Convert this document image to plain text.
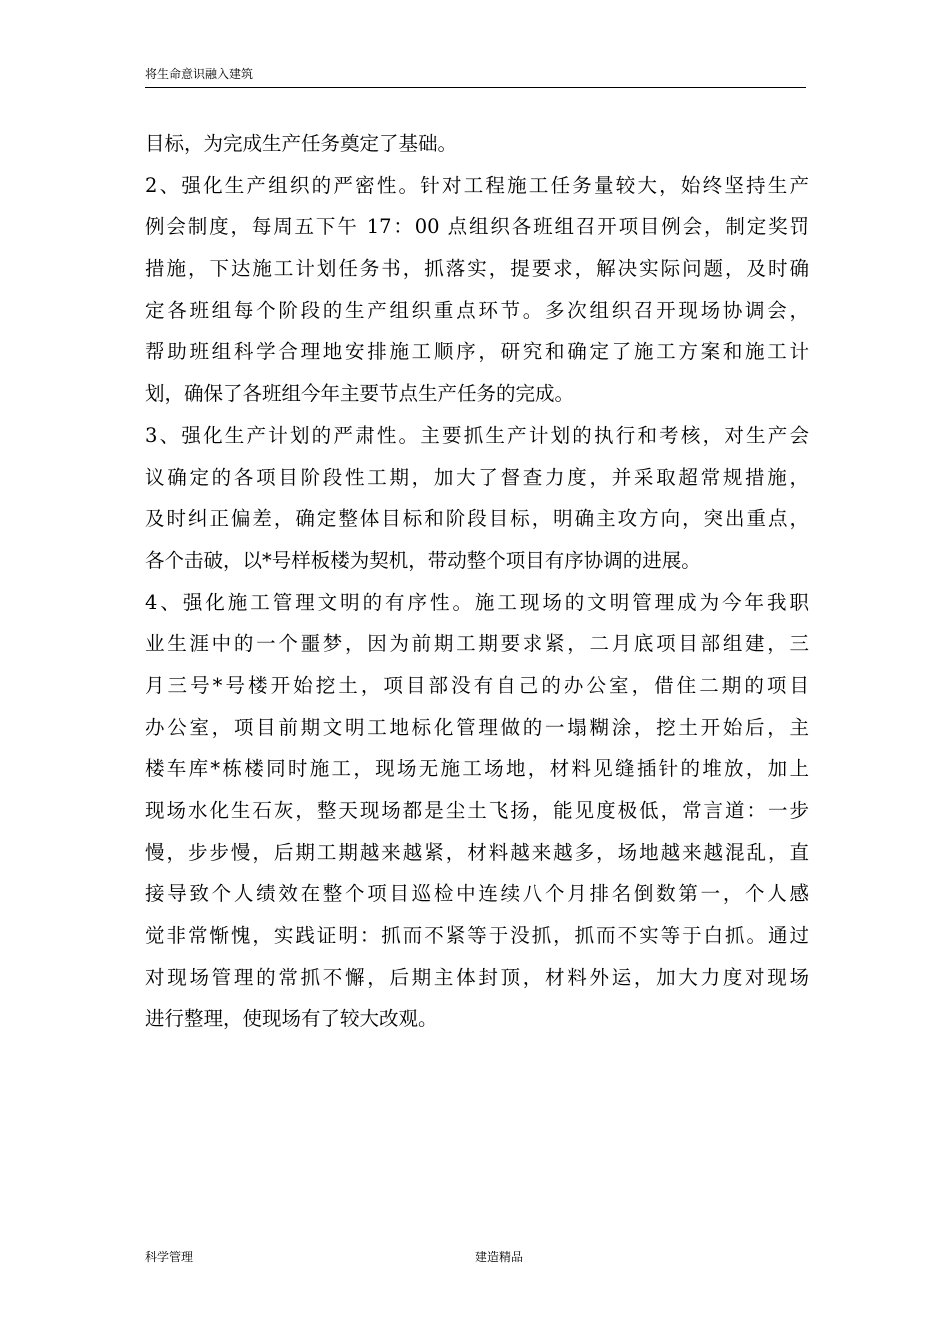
将生命意识融入建筑
目标，为完成生产任务奠定了基础。
2、强化生产组织的严密性。针对工程施工任务量较大，始终坚持生产
例会制度，每周五下午 17：00 点组织各班组召开项目例会，制定奖罚
措施，下达施工计划任务书，抓落实，提要求，解决实际问题，及时确
定各班组每个阶段的生产组织重点环节。多次组织召开现场协调会，
帮助班组科学合理地安排施工顺序，研究和确定了施工方案和施工计
划，确保了各班组今年主要节点生产任务的完成。
3、强化生产计划的严肃性。主要抓生产计划的执行和考核，对生产会
议确定的各项目阶段性工期，加大了督查力度，并采取超常规措施，
及时纠正偏差，确定整体目标和阶段目标，明确主攻方向，突出重点，
各个击破，以*号样板楼为契机，带动整个项目有序协调的进展。
4、强化施工管理文明的有序性。施工现场的文明管理成为今年我职
业生涯中的一个噩梦，因为前期工期要求紧，二月底项目部组建，三
月三号*号楼开始挖土，项目部没有自己的办公室，借住二期的项目
办公室，项目前期文明工地标化管理做的一塌糊涂，挖土开始后，主
楼车库*栋楼同时施工，现场无施工场地，材料见缝插针的堆放，加上
现场水化生石灰，整天现场都是尘土飞扬，能见度极低，常言道：一步
慢，步步慢，后期工期越来越紧，材料越来越多，场地越来越混乱，直
接导致个人绩效在整个项目巡检中连续八个月排名倒数第一，个人感
觉非常惭愧，实践证明：抓而不紧等于没抓，抓而不实等于白抓。通过
对现场管理的常抓不懈，后期主体封顶，材料外运，加大力度对现场
进行整理，使现场有了较大改观。
科学管理	建造精品
